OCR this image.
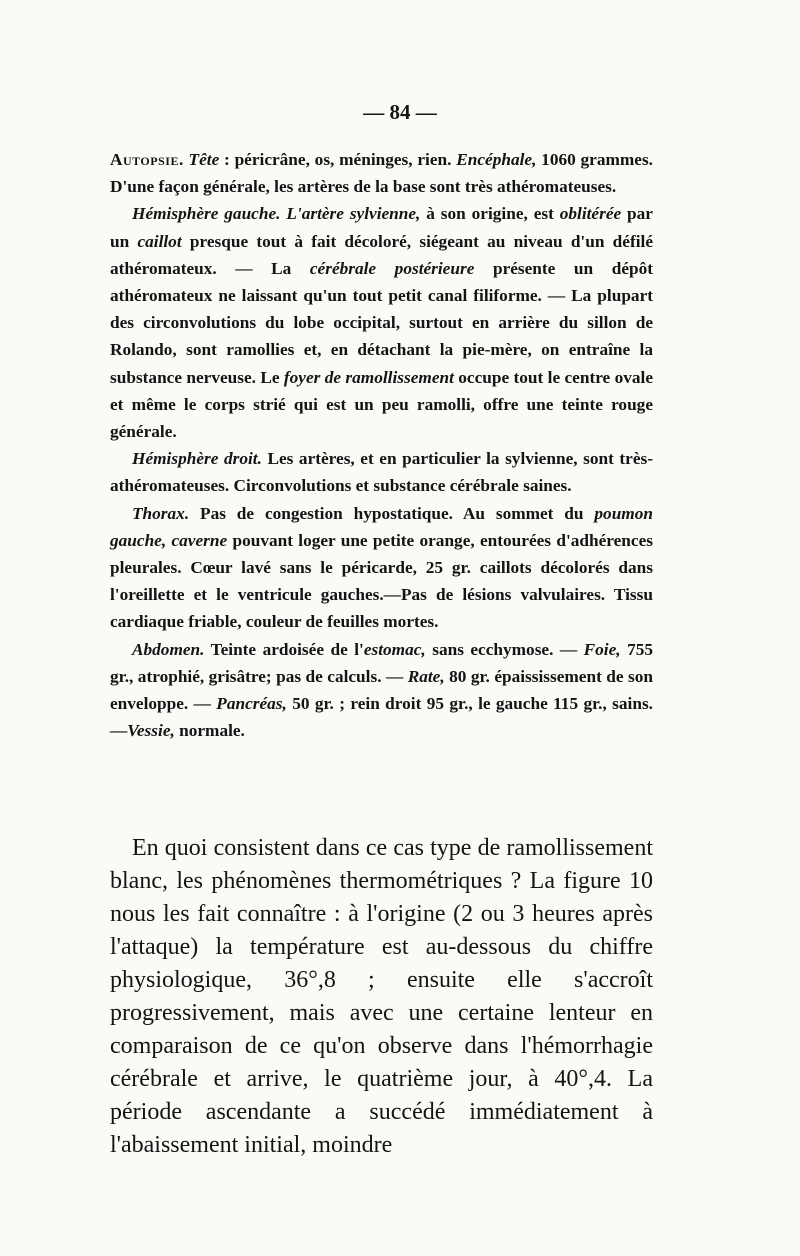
— 84 —

Autopsie. Tête : péricrâne, os, méninges, rien. Encéphale, 1060 grammes. D'une façon générale, les artères de la base sont très athéromateuses.

Hémisphère gauche. L'artère sylvienne, à son origine, est oblitérée par un caillot presque tout à fait décoloré, siégeant au niveau d'un défilé athéromateux. — La cérébrale postérieure présente un dépôt athéromateux ne laissant qu'un tout petit canal filiforme. — La plupart des circonvolutions du lobe occipital, surtout en arrière du sillon de Rolando, sont ramollies et, en détachant la pie-mère, on entraîne la substance nerveuse. Le foyer de ramollissement occupe tout le centre ovale et même le corps strié qui est un peu ramolli, offre une teinte rouge générale.

Hémisphère droit. Les artères, et en particulier la sylvienne, sont très-athéromateuses. Circonvolutions et substance cérébrale saines.

Thorax. Pas de congestion hypostatique. Au sommet du poumon gauche, caverne pouvant loger une petite orange, entourées d'adhérences pleurales. Cœur lavé sans le péricarde, 25 gr. caillots décolorés dans l'oreillette et le ventricule gauches.—Pas de lésions valvulaires. Tissu cardiaque friable, couleur de feuilles mortes.

Abdomen. Teinte ardoisée de l'estomac, sans ecchymose. — Foie, 755 gr., atrophié, grisâtre; pas de calculs. — Rate, 80 gr. épaississement de son enveloppe. — Pancréas, 50 gr. ; rein droit 95 gr., le gauche 115 gr., sains. —Vessie, normale.

En quoi consistent dans ce cas type de ramollissement blanc, les phénomènes thermométriques ? La figure 10 nous les fait connaître : à l'origine (2 ou 3 heures après l'attaque) la température est au-dessous du chiffre physiologique, 36°,8 ; ensuite elle s'accroît progressivement, mais avec une certaine lenteur en comparaison de ce qu'on observe dans l'hémorrhagie cérébrale et arrive, le quatrième jour, à 40°,4. La période ascendante a succédé immédiatement à l'abaissement initial, moindre
